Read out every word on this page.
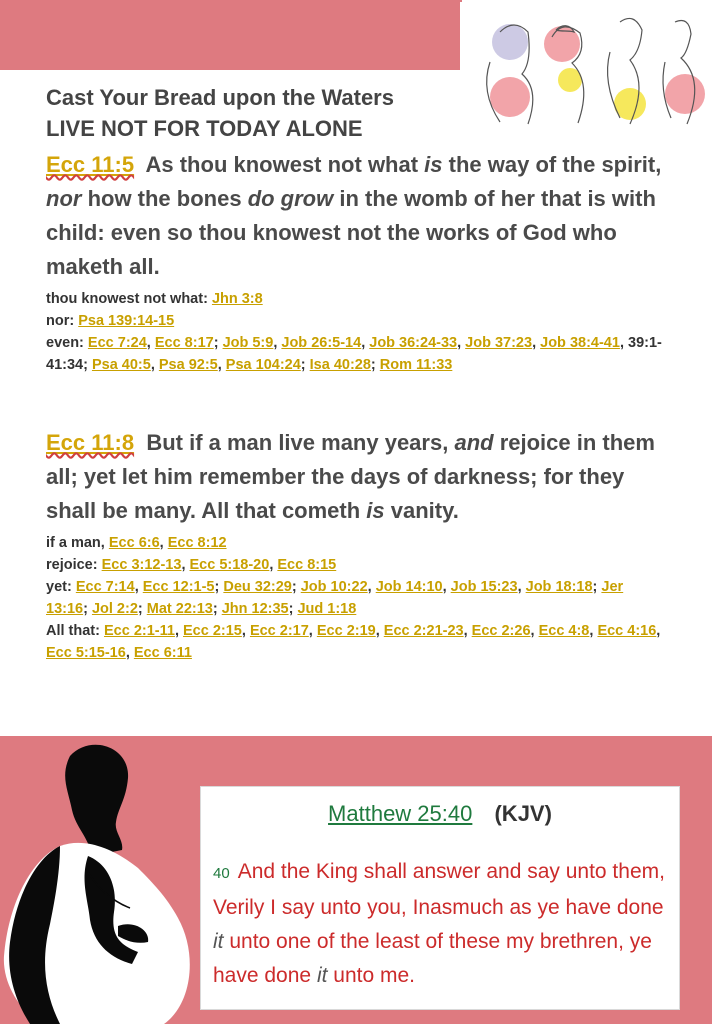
Cast Your Bread upon the Waters
LIVE NOT FOR TODAY ALONE
Ecc 11:5 As thou knowest not what is the way of the spirit, nor how the bones do grow in the womb of her that is with child: even so thou knowest not the works of God who maketh all.
thou knowest not what: Jhn 3:8
nor: Psa 139:14-15
even: Ecc 7:24, Ecc 8:17; Job 5:9, Job 26:5-14, Job 36:24-33, Job 37:23, Job 38:4-41, 39:1-41:34; Psa 40:5, Psa 92:5, Psa 104:24; Isa 40:28; Rom 11:33
Ecc 11:8 But if a man live many years, and rejoice in them all; yet let him remember the days of darkness; for they shall be many. All that cometh is vanity.
if a man, Ecc 6:6, Ecc 8:12
rejoice: Ecc 3:12-13, Ecc 5:18-20, Ecc 8:15
yet: Ecc 7:14, Ecc 12:1-5; Deu 32:29; Job 10:22, Job 14:10, Job 15:23, Job 18:18; Jer 13:16; Jol 2:2; Mat 22:13; Jhn 12:35; Jud 1:18
All that: Ecc 2:1-11, Ecc 2:15, Ecc 2:17, Ecc 2:19, Ecc 2:21-23, Ecc 2:26, Ecc 4:8, Ecc 4:16, Ecc 5:15-16, Ecc 6:11
Matthew 25:40 (KJV)
40 And the King shall answer and say unto them, Verily I say unto you, Inasmuch as ye have done it unto one of the least of these my brethren, ye have done it unto me.
